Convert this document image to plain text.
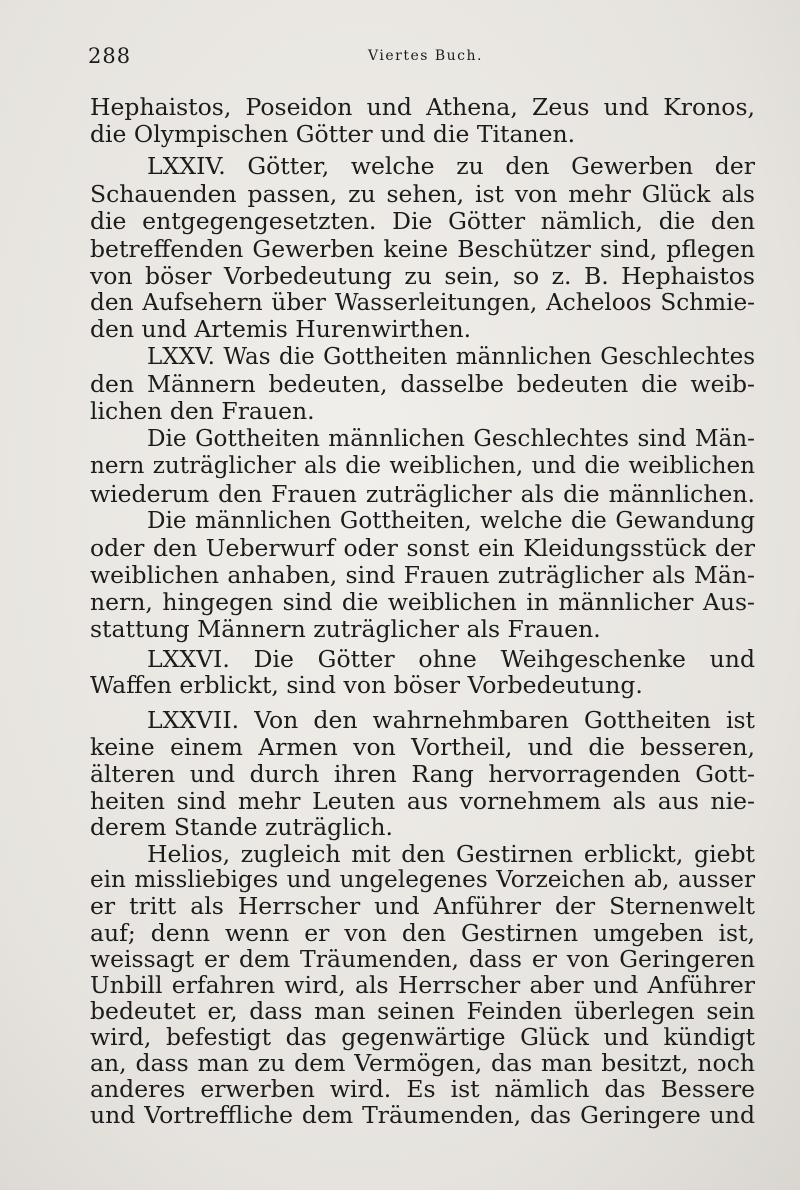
288	Viertes Buch.
Hephaistos, Poseidon und Athena, Zeus und Kronos,
die Olympischen Götter und die Titanen.
LXXIV. Götter, welche zu den Gewerben der
Schauenden passen, zu sehen, ist von mehr Glück als
die entgegengesetzten. Die Götter nämlich, die den
betreffenden Gewerben keine Beschützer sind, pflegen
von böser Vorbedeutung zu sein, so z. B. Hephaistos
den Aufsehern über Wasserleitungen, Acheloos Schmie-
den und Artemis Hurenwirthen.
LXXV. Was die Gottheiten männlichen Geschlechtes
den Männern bedeuten, dasselbe bedeuten die weib-
lichen den Frauen.
Die Gottheiten männlichen Geschlechtes sind Män-
nern zuträglicher als die weiblichen, und die weiblichen
wiederum den Frauen zuträglicher als die männlichen.
Die männlichen Gottheiten, welche die Gewandung
oder den Ueberwurf oder sonst ein Kleidungsstück der
weiblichen anhaben, sind Frauen zuträglicher als Män-
nern, hingegen sind die weiblichen in männlicher Aus-
stattung Männern zuträglicher als Frauen.
LXXVI. Die Götter ohne Weihgeschenke und
Waffen erblickt, sind von böser Vorbedeutung.
LXXVII. Von den wahrnehmbaren Gottheiten ist
keine einem Armen von Vortheil, und die besseren,
älteren und durch ihren Rang hervorragenden Gott-
heiten sind mehr Leuten aus vornehmem als aus nie-
derem Stande zuträglich.
Helios, zugleich mit den Gestirnen erblickt, giebt
ein missliebiges und ungelegenes Vorzeichen ab, ausser
er tritt als Herrscher und Anführer der Sternenwelt
auf; denn wenn er von den Gestirnen umgeben ist,
weissagt er dem Träumenden, dass er von Geringeren
Unbill erfahren wird, als Herrscher aber und Anführer
bedeutet er, dass man seinen Feinden überlegen sein
wird, befestigt das gegenwärtige Glück und kündigt
an, dass man zu dem Vermögen, das man besitzt, noch
anderes erwerben wird. Es ist nämlich das Bessere
und Vortreffliche dem Träumenden, das Geringere und
